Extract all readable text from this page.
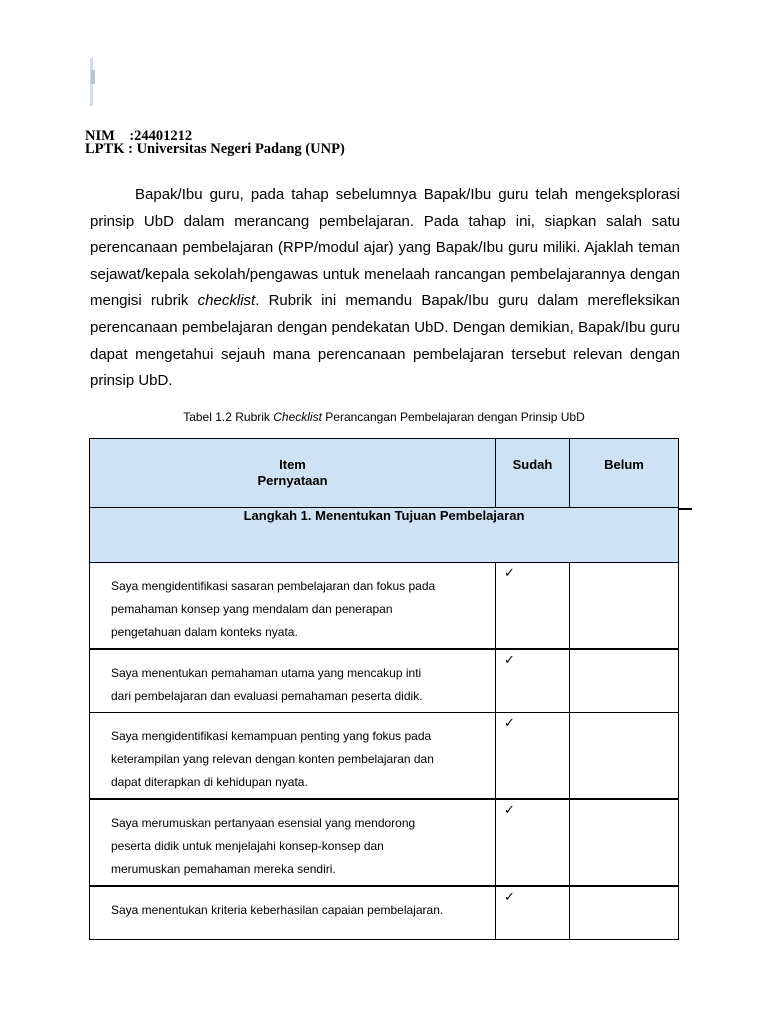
NIM :24401212
LPTK : Universitas Negeri Padang (UNP)
Bapak/Ibu guru, pada tahap sebelumnya Bapak/Ibu guru telah mengeksplorasi prinsip UbD dalam merancang pembelajaran. Pada tahap ini, siapkan salah satu perencanaan pembelajaran (RPP/modul ajar) yang Bapak/Ibu guru miliki. Ajaklah teman sejawat/kepala sekolah/pengawas untuk menelaah rancangan pembelajarannya dengan mengisi rubrik checklist. Rubrik ini memandu Bapak/Ibu guru dalam merefleksikan perencanaan pembelajaran dengan pendekatan UbD. Dengan demikian, Bapak/Ibu guru dapat mengetahui sejauh mana perencanaan pembelajaran tersebut relevan dengan prinsip UbD.
Tabel 1.2 Rubrik Checklist Perancangan Pembelajaran dengan Prinsip UbD
Item
Pernyataan	Sudah	Belum

Langkah 1. Menentukan Tujuan Pembelajaran		
Saya mengidentifikasi sasaran pembelajaran dan fokus pada
pemahaman konsep yang mendalam dan penerapan
pengetahuan dalam konteks nyata.	✓	
Saya menentukan pemahaman utama yang mencakup inti
dari pembelajaran dan evaluasi pemahaman peserta didik.	✓	
Saya mengidentifikasi kemampuan penting yang fokus pada
keterampilan yang relevan dengan konten pembelajaran dan
dapat diterapkan di kehidupan nyata.	✓	
Saya merumuskan pertanyaan esensial yang mendorong
peserta didik untuk menjelajahi konsep-konsep dan
merumuskan pemahaman mereka sendiri.	✓	
Saya menentukan kriteria keberhasilan capaian pembelajaran.	✓	
